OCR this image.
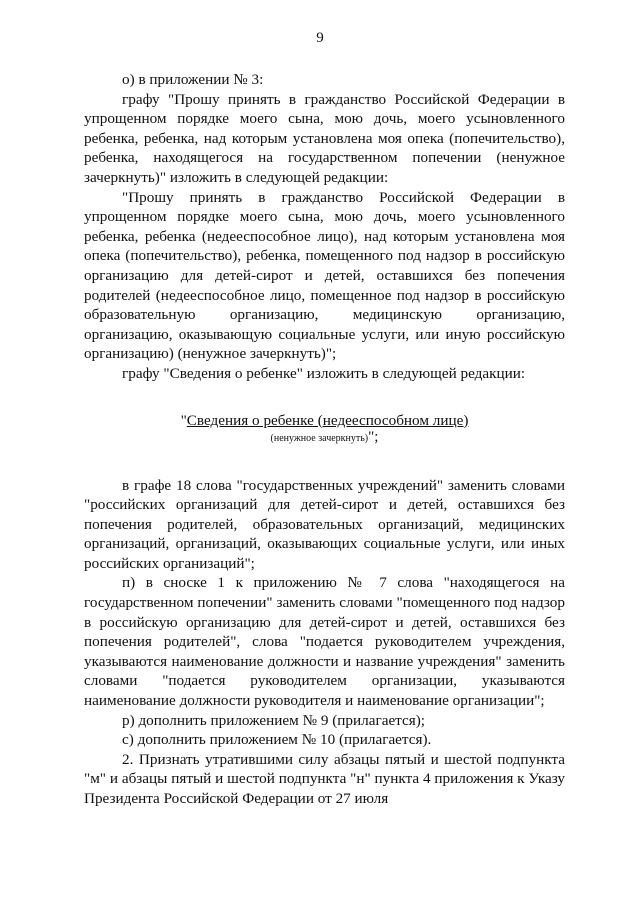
9

о) в приложении № 3:

графу "Прошу принять в гражданство Российской Федерации в упрощенном порядке моего сына, мою дочь, моего усыновленного ребенка, ребенка, над которым установлена моя опека (попечительство), ребенка, находящегося на государственном попечении (ненужное зачеркнуть)" изложить в следующей редакции:

"Прошу принять в гражданство Российской Федерации в упрощенном порядке моего сына, мою дочь, моего усыновленного ребенка, ребенка (недееспособное лицо), над которым установлена моя опека (попечительство), ребенка, помещенного под надзор в российскую организацию для детей-сирот и детей, оставшихся без попечения родителей (недееспособное лицо, помещенное под надзор в российскую образовательную организацию, медицинскую организацию, организацию, оказывающую социальные услуги, или иную российскую организацию) (ненужное зачеркнуть)";

графу "Сведения о ребенке" изложить в следующей редакции:

"Сведения о ребенке (недееспособном лице)
(ненужное зачеркнуть)";

в графе 18 слова "государственных учреждений" заменить словами "российских организаций для детей-сирот и детей, оставшихся без попечения родителей, образовательных организаций, медицинских организаций, организаций, оказывающих социальные услуги, или иных российских организаций";

п) в сноске 1 к приложению № 7 слова "находящегося на государственном попечении" заменить словами "помещенного под надзор в российскую организацию для детей-сирот и детей, оставшихся без попечения родителей", слова "подается руководителем учреждения, указываются наименование должности и название учреждения" заменить словами "подается руководителем организации, указываются наименование должности руководителя и наименование организации";

р) дополнить приложением № 9 (прилагается);

с) дополнить приложением № 10 (прилагается).

2. Признать утратившими силу абзацы пятый и шестой подпункта "м" и абзацы пятый и шестой подпункта "н" пункта 4 приложения к Указу Президента Российской Федерации от 27 июля
